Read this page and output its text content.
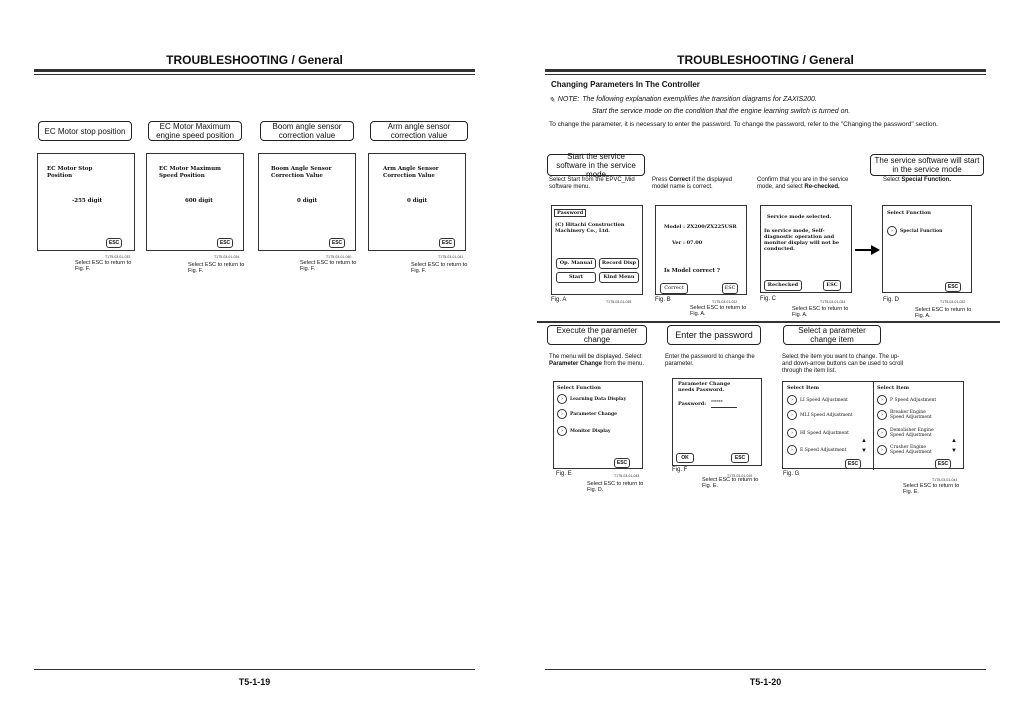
TROUBLESHOOTING / General
EC Motor stop position
EC Motor Stop Position
-255 digit
ESC
T1T5-03-01-033
Select ESC to return to Fig. F.
EC Motor Maximum engine speed position
EC Motor Maximum Speed Position
600 digit
ESC
T1T5-03-01-034
Select ESC to return to Fig. F.
Boom angle sensor correction value
Boom Angle Sensor Correction Value
0 digit
ESC
T1T5-03-01-040
Select ESC to return to Fig. F.
Arm angle sensor correction value
Arm Angle Sensor Correction Value
0 digit
ESC
T1T5-03-01-041
Select ESC to return to Fig. F.
T5-1-19
TROUBLESHOOTING / General
Changing Parameters In The Controller
✎ NOTE: The following explanation exemplifies the transition diagrams for ZAXIS200.
Start the service mode on the condition that the engine learning switch is turned on.
To change the parameter, it is necessary to enter the password. To change the password, refer to the "Changing the password" section.
Start the service software in the service mode
The service software will start in the service mode
Select Start from the EPVC_Mid software menu.
Press Correct if the displayed model name is correct.
Confirm that you are in the service mode, and select Re-checked.
Select Special Function.
Password
(C) Hitachi Construction Machinery Co., Ltd.
Op. Manual	Record Disp
Start	Kind Menu
Fig. A	T1T5-03-01-035
Model : ZX200/ZX225USR
Ver : 07.00
Is Model correct ?
Correct	ESC
Fig. B	T1T5-03-01-012
Select ESC to return to Fig. A.
Service mode selected.
In service mode, Self-diagnostic operation and monitor display will not be conducted.
Rechecked	ESC
Fig. C	T1T5-03-01-034
Select ESC to return to Fig. A.
Select Function
›	Special Function
ESC
Fig. D	T1T5-03-01-032
Select ESC to return to Fig. A.
Execute the parameter change	Enter the password	Select a parameter change item
The menu will be displayed. Select Parameter Change from the menu.
Enter the password to change the parameter.
Select the item you want to change. The up- and down-arrow buttons can be used to scroll through the item list.
Select Function
›	Learning Data Display
›	Parameter Change
›	Monitor Display
ESC
Fig. E	T1T5-03-01-043
Select ESC to return to Fig. D.
Parameter Change needs Password.
Password: ******
OK	ESC
Fig. F
T1T5-03-01-015
Select ESC to return to Fig. E.
Select Item	Select Item
›	LI Speed Adjustment
›	MLI Speed Adjustment
›	HI Speed Adjustment
›	E Speed Adjustment
▲
▼
ESC
›	P Speed Adjustment
›	Breaker Engine Speed Adjustment
›	Demolisher Engine Speed Adjustment
›	Crusher Engine Speed Adjustment
▲
▼
ESC
Fig. G
T1T5-03-01-044
Select ESC to return to Fig. E.
T5-1-20
